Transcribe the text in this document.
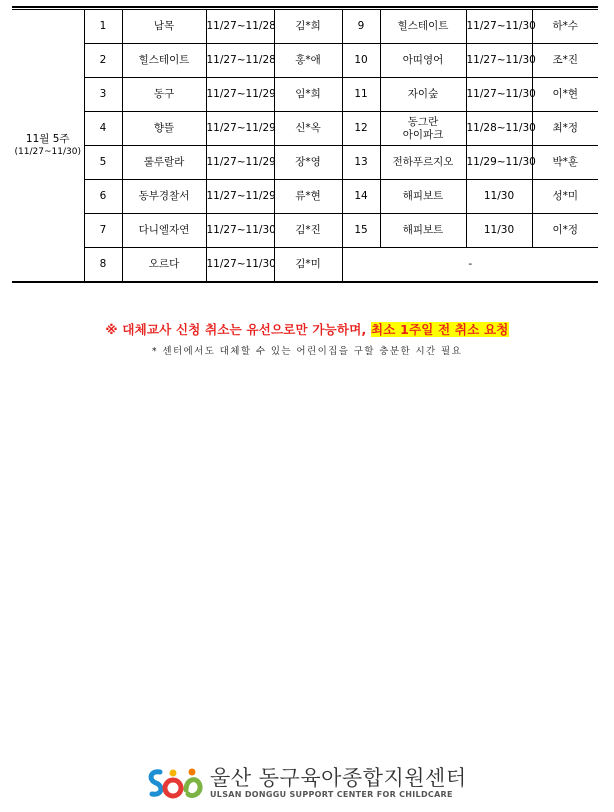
11월 5주
(11/27~11/30)	1	남목	11/27~11/28	김*희	9	힐스테이트	11/27~11/30	하*수
	2	힐스테이트	11/27~11/28	홍*애	10	아띠영어	11/27~11/30	조*진
	3	동구	11/27~11/29	임*희	11	자이숲	11/27~11/30	이*현
	4	향뜰	11/27~11/29	신*옥	12	동그란
아이파크	11/28~11/30	최*정
	5	룰루랄라	11/27~11/29	장*영	13	전하푸르지오	11/29~11/30	박*훈
	6	동부경찰서	11/27~11/29	류*현	14	해피보트	11/30	성*미
	7	다니엘자연	11/27~11/30	김*진	15	해피보트	11/30	이*정
	8	오르다	11/27~11/30	김*미	-			
※ 대체교사 신청 취소는 유선으로만 가능하며, 최소 1주일 전 취소 요청
* 센터에서도 대체할 수 있는 어린이집을 구할 충분한 시간 필요
울산 동구육아종합지원센터
ULSAN DONGGU SUPPORT CENTER FOR CHILDCARE
